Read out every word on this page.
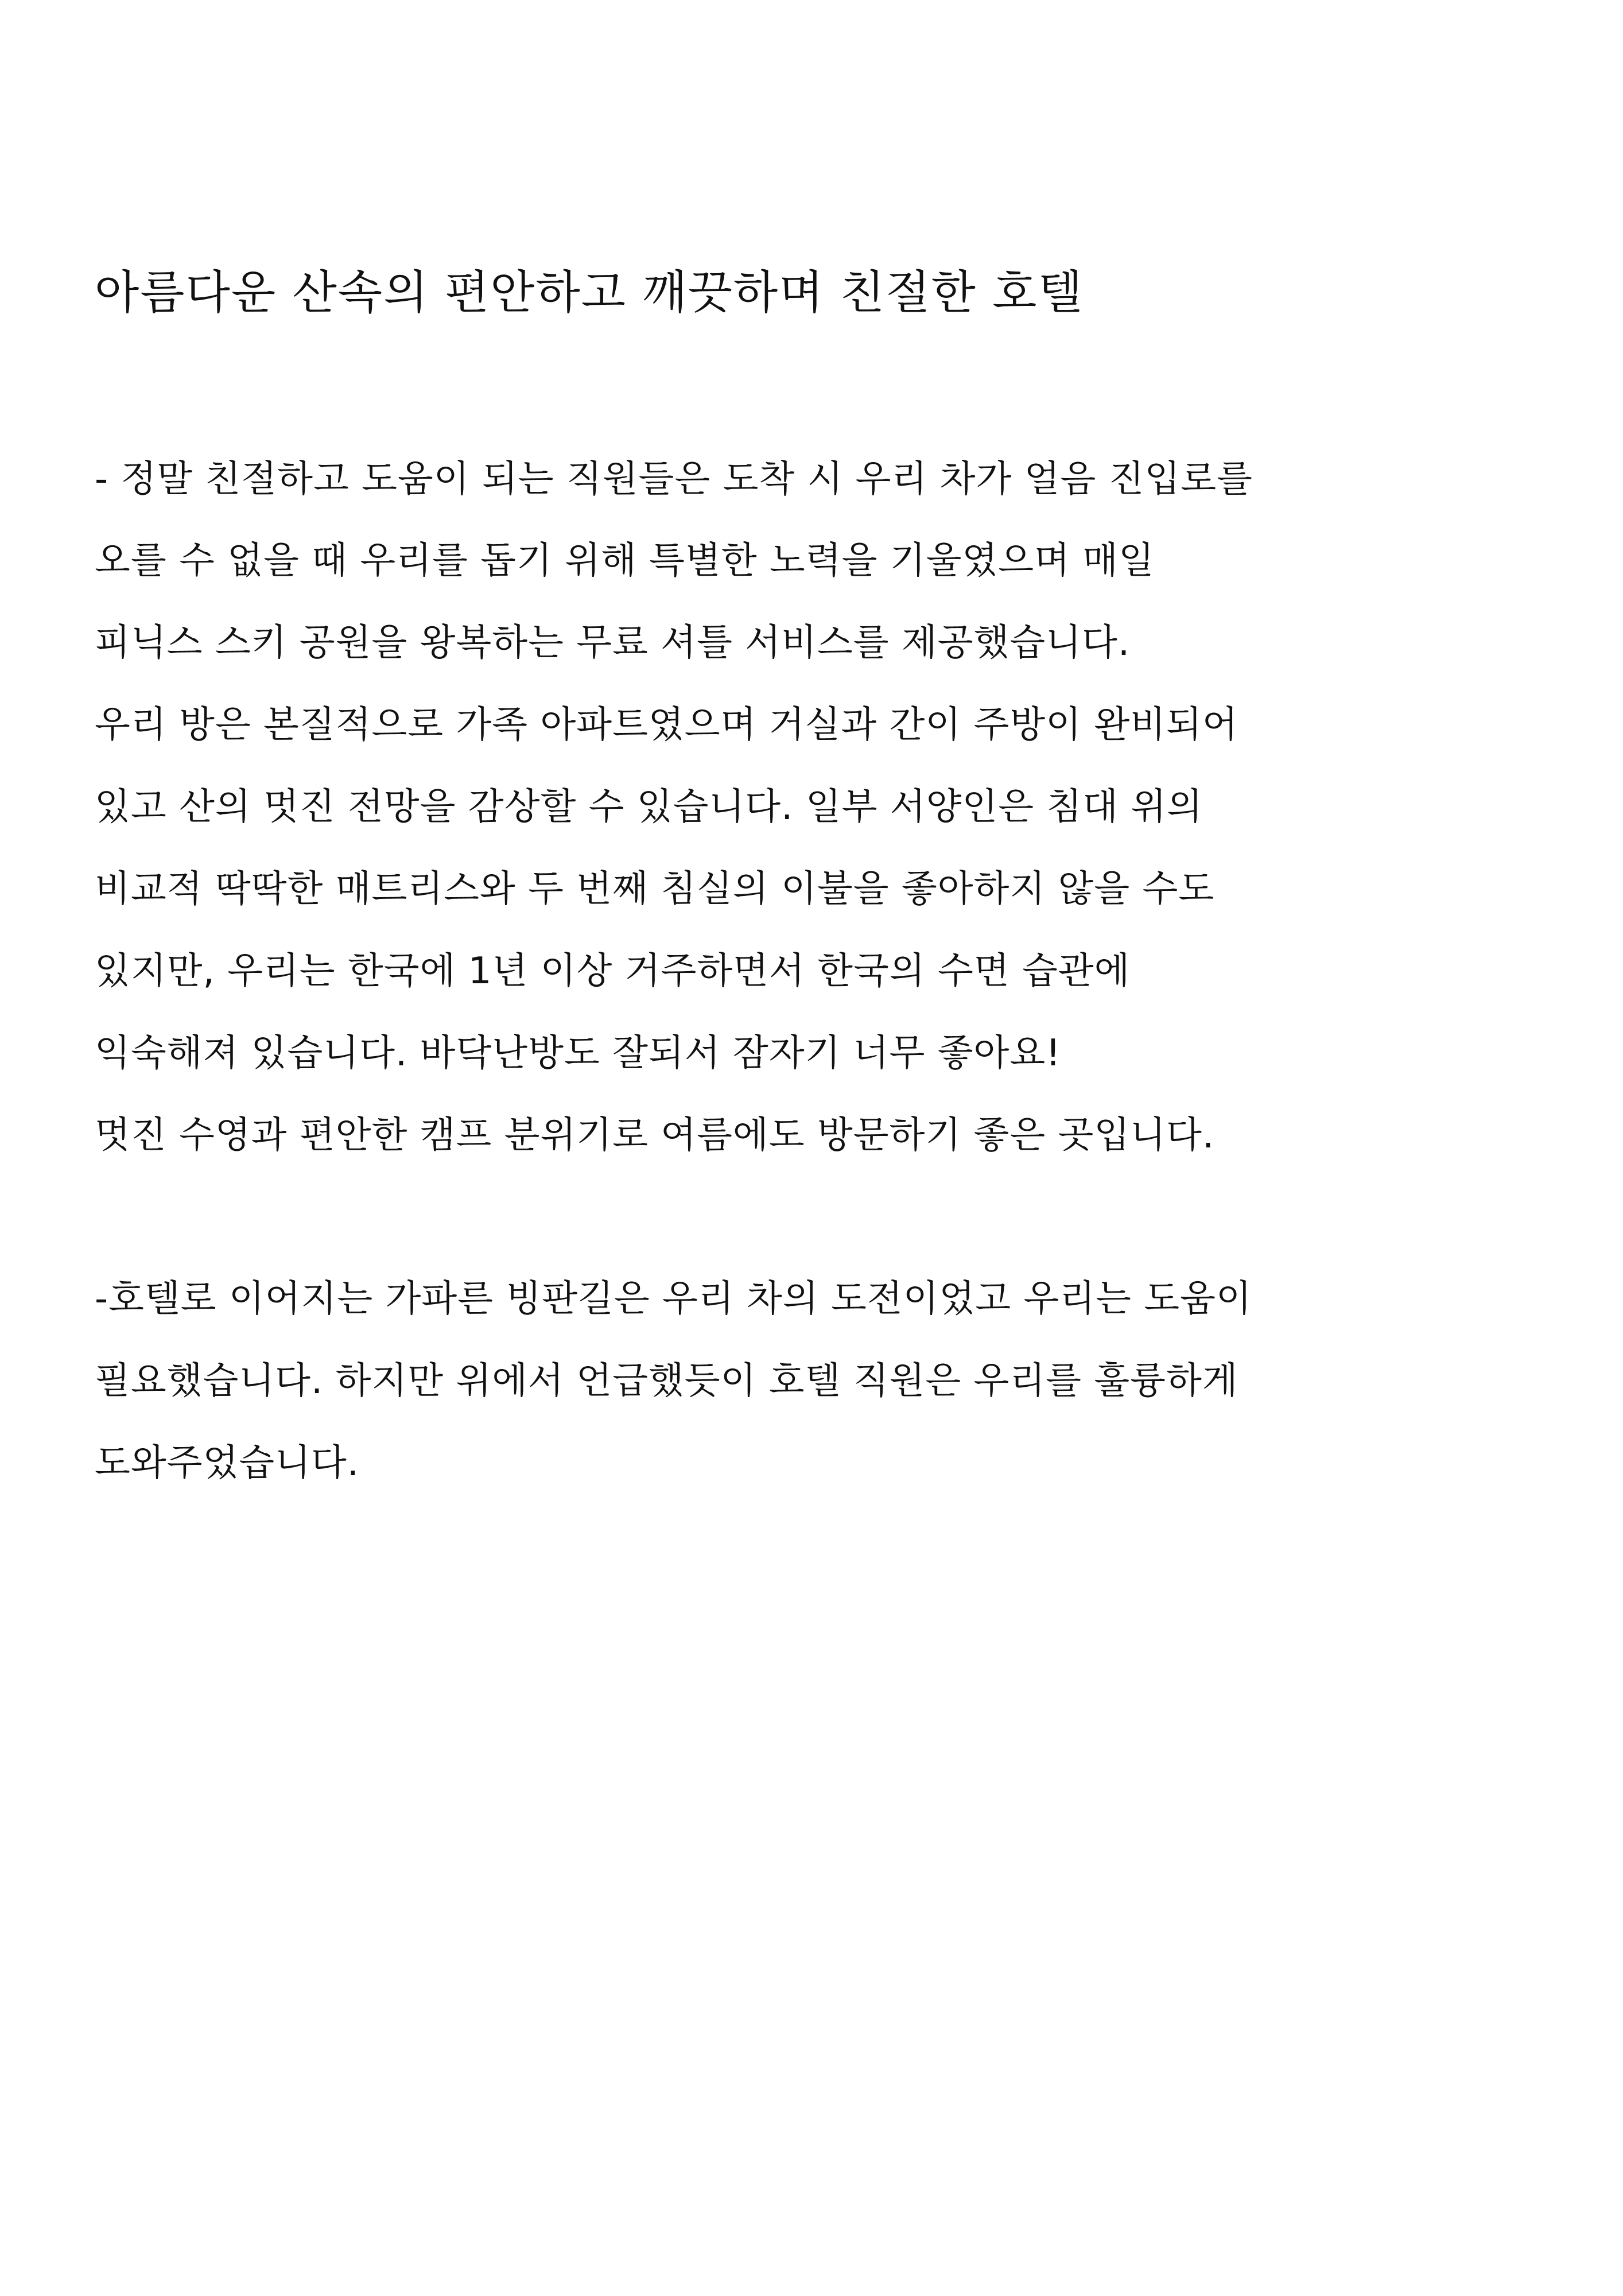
아름다운 산속의 편안하고 깨끗하며 친절한 호텔
- 정말 친절하고 도움이 되는 직원들은 도착 시 우리 차가 얼음 진입로를
오를 수 없을 때 우리를 돕기 위해 특별한 노력을 기울였으며 매일
피닉스 스키 공원을 왕복하는 무료 셔틀 서비스를 제공했습니다.
우리 방은 본질적으로 가족 아파트였으며 거실과 간이 주방이 완비되어
있고 산의 멋진 전망을 감상할 수 있습니다. 일부 서양인은 침대 위의
비교적 딱딱한 매트리스와 두 번째 침실의 이불을 좋아하지 않을 수도
있지만, 우리는 한국에 1년 이상 거주하면서 한국의 수면 습관에
익숙해져 있습니다. 바닥난방도 잘되서 잠자기 너무 좋아요!
멋진 수영과 편안한 캠프 분위기로 여름에도 방문하기 좋은 곳입니다.
-호텔로 이어지는 가파른 빙판길은 우리 차의 도전이었고 우리는 도움이
필요했습니다. 하지만 위에서 언급했듯이 호텔 직원은 우리를 훌륭하게
도와주었습니다.
